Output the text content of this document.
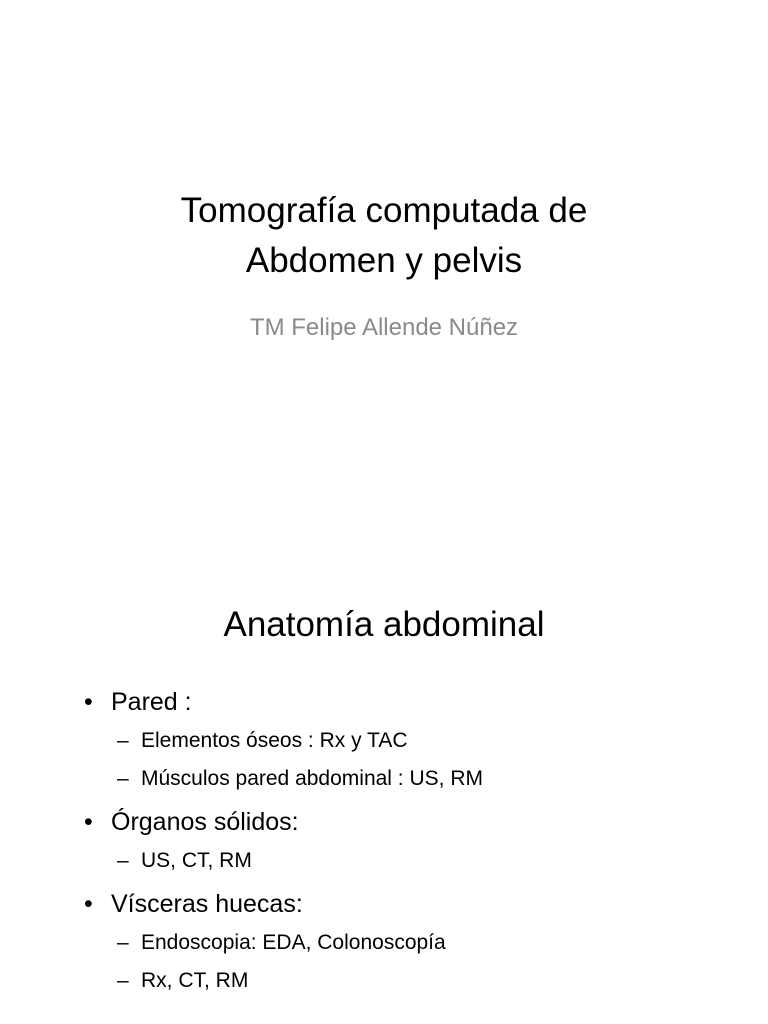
Tomografía computada de
Abdomen y pelvis
TM Felipe Allende Núñez
Anatomía abdominal
• Pared :
– Elementos óseos : Rx y TAC
– Músculos pared abdominal : US, RM
• Órganos sólidos:
– US, CT, RM
• Vísceras huecas:
– Endoscopia: EDA, Colonoscopía
– Rx, CT, RM
